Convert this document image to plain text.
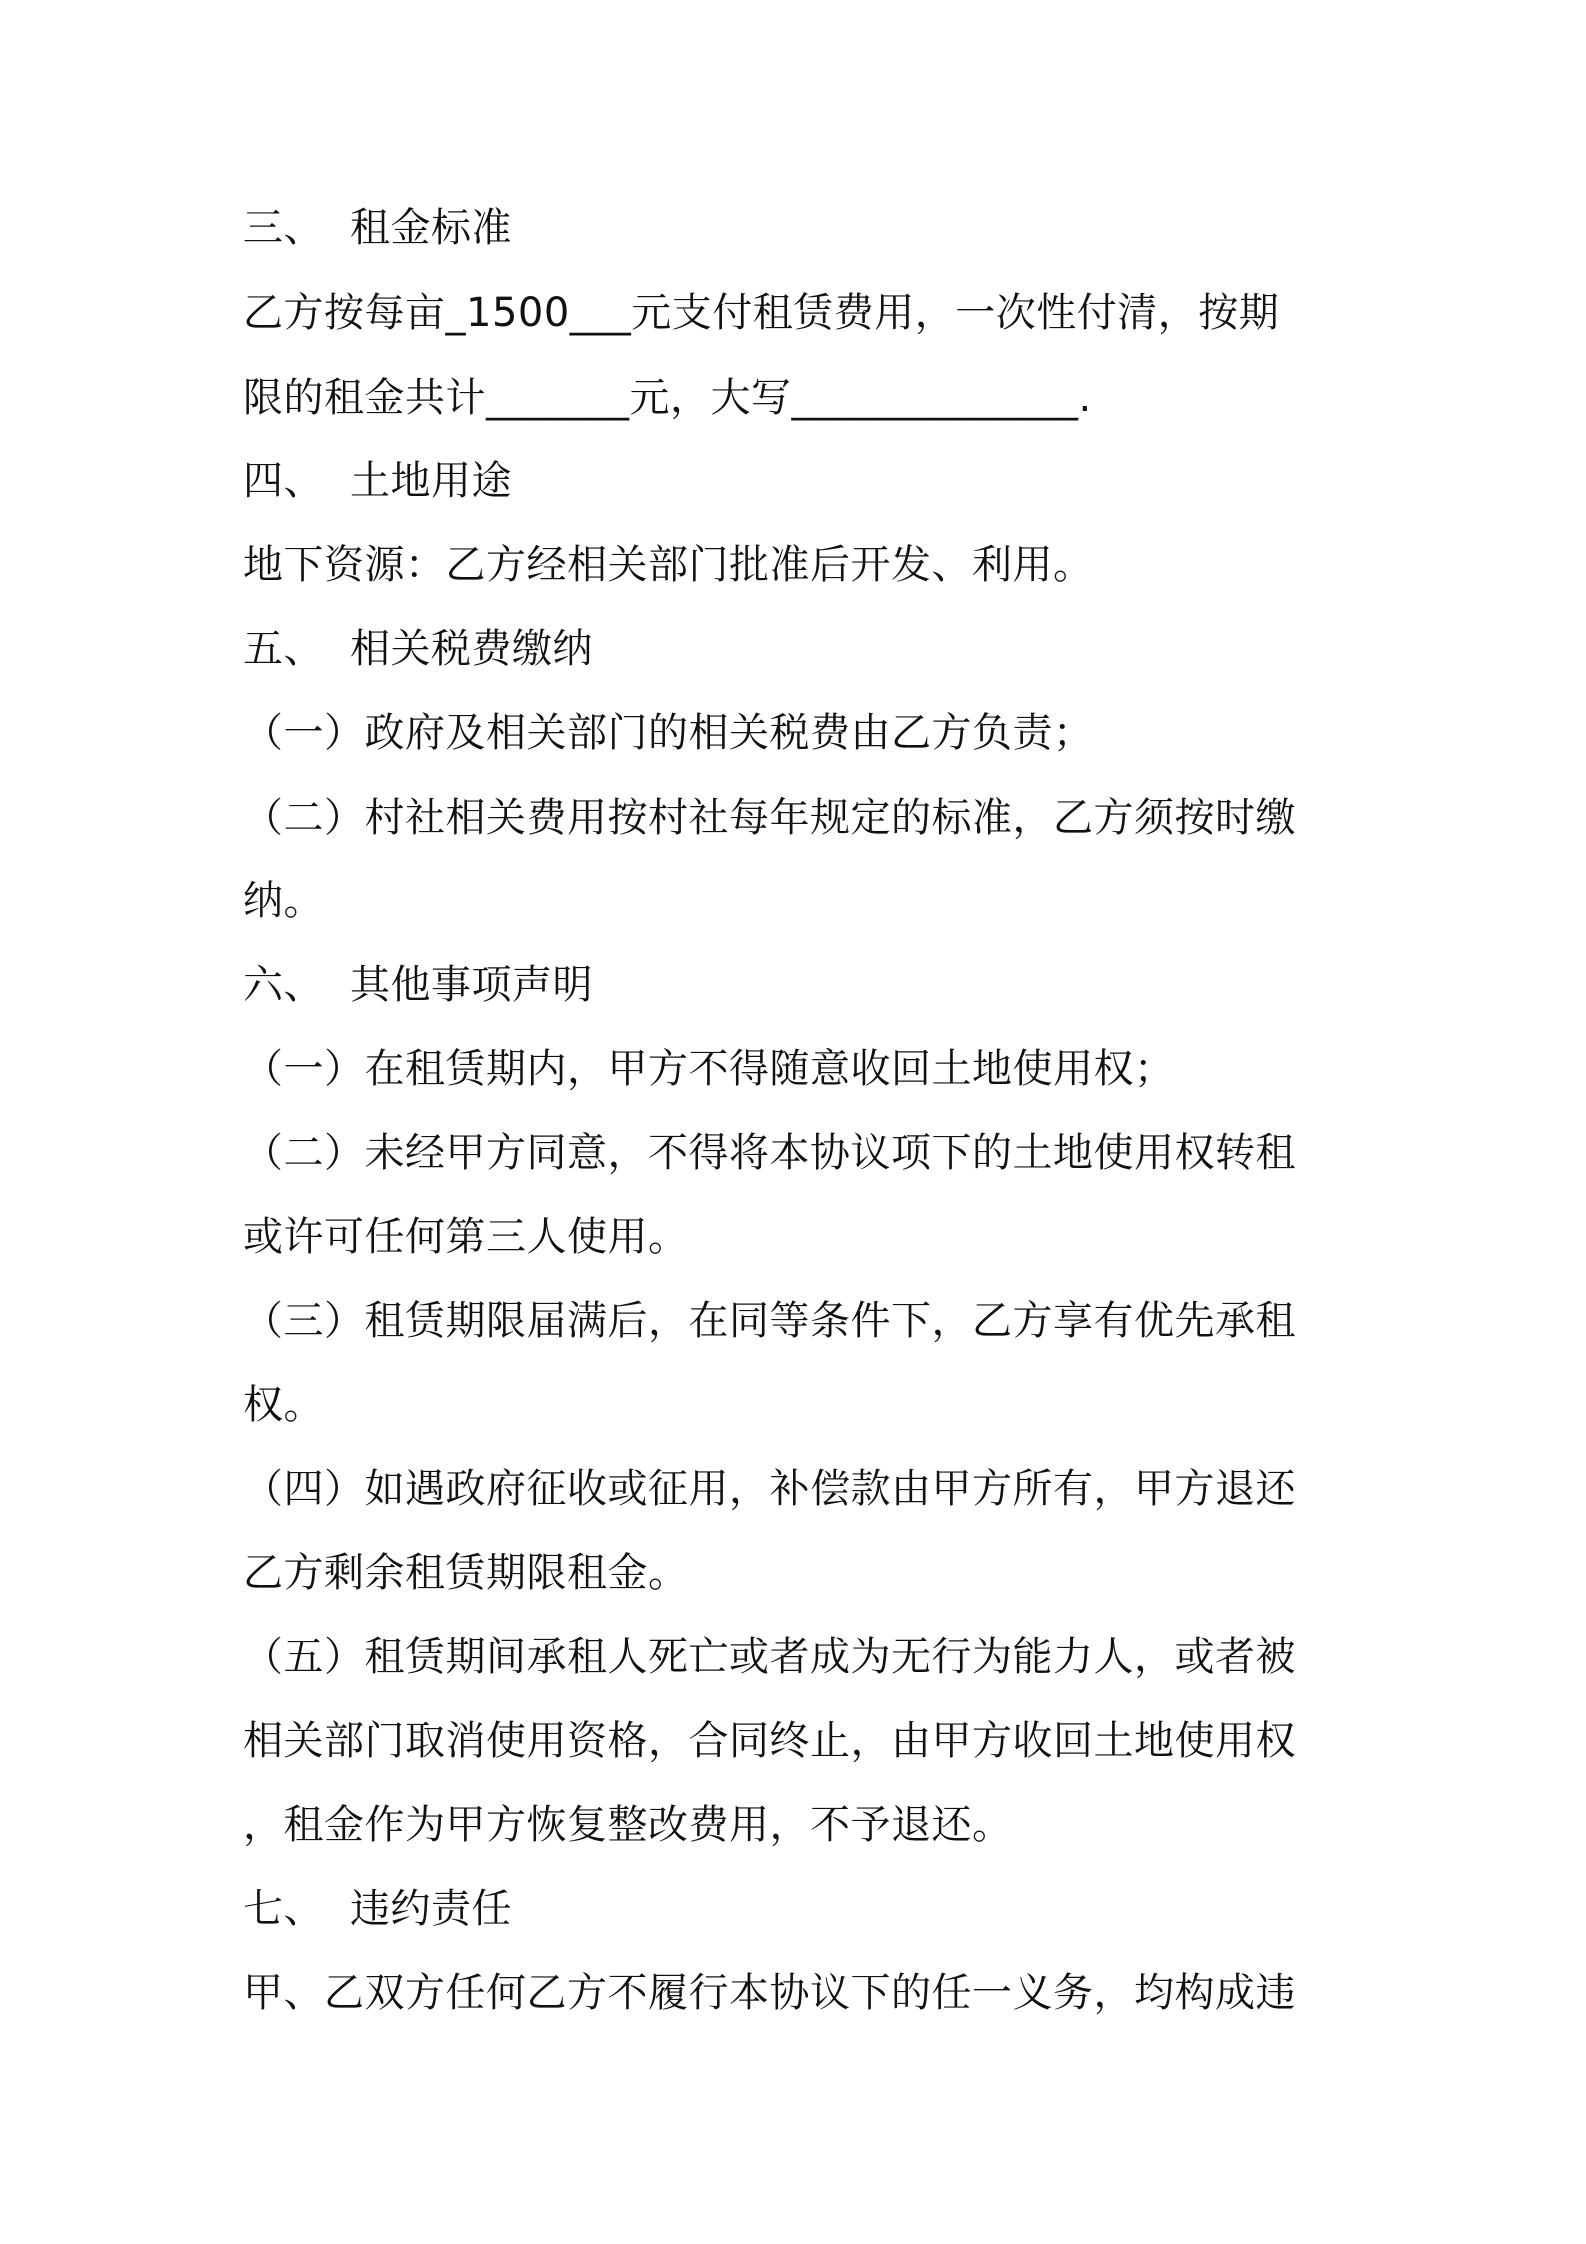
三、 租金标准
乙方按每亩_1500___元支付租赁费用，一次性付清，按期
限的租金共计_______元，大写______________.
四、 土地用途
地下资源：乙方经相关部门批准后开发、利用。
五、 相关税费缴纳
（一）政府及相关部门的相关税费由乙方负责；
（二）村社相关费用按村社每年规定的标准，乙方须按时缴
纳。
六、 其他事项声明
（一）在租赁期内，甲方不得随意收回土地使用权；
（二）未经甲方同意，不得将本协议项下的土地使用权转租
或许可任何第三人使用。
（三）租赁期限届满后，在同等条件下，乙方享有优先承租
权。
（四）如遇政府征收或征用，补偿款由甲方所有，甲方退还
乙方剩余租赁期限租金。
（五）租赁期间承租人死亡或者成为无行为能力人，或者被
相关部门取消使用资格，合同终止，由甲方收回土地使用权
，租金作为甲方恢复整改费用，不予退还。
七、 违约责任
甲、乙双方任何乙方不履行本协议下的任一义务，均构成违
